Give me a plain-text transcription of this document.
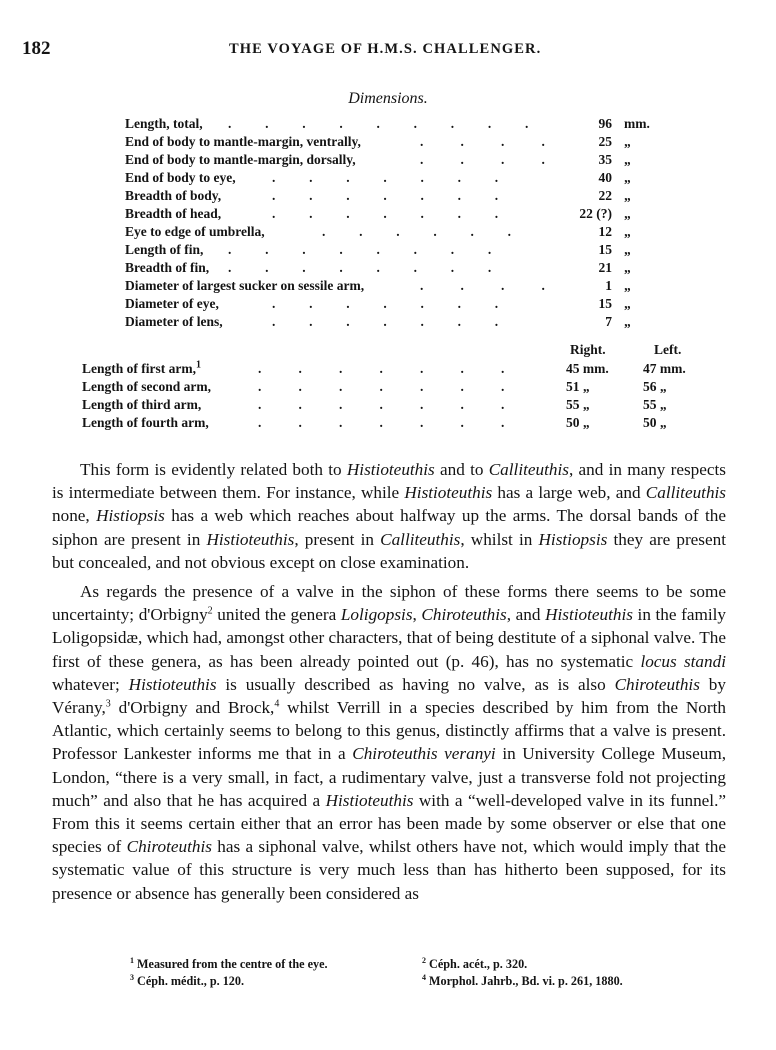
182	THE VOYAGE OF H.M.S. CHALLENGER.
Dimensions.
Length, total, .          .          .          .          .          .          .          .          .	96 mm.
End of body to mantle-margin, ventrally,	.           .           .           .	25 „
End of body to mantle-margin, dorsally,	.           .           .           .	35 „
End of body to eye,	.          .          .          .          .          .          .	40 „
Breadth of body,	.          .          .          .          .          .          .	22 „
Breadth of head,	.          .          .          .          .          .          .	22 (?) „
Eye to edge of umbrella,	.          .          .          .          .          .	12 „
Length of fin, .          .          .          .          .          .          .          .	15 „
Breadth of fin, .          .          .          .          .          .          .          .	21 „
Diameter of largest sucker on sessile arm,	.           .           .           .	1 „
Diameter of eye,	.          .          .          .          .          .          .	15 „
Diameter of lens,	.          .          .          .          .          .          .	7 „
Right.	Left.
Length of first arm,$^1$	.           .           .           .           .           .           .	45 mm.	47 mm.
Length of second arm,	.           .           .           .           .           .           .	51 „	56 „
Length of third arm,	.           .           .           .           .           .           .	55 „	55 „
Length of fourth arm,	.           .           .           .           .           .           .	50 „	50 „

This form is evidently related both to Histioteuthis and to Calliteuthis, and in many respects is intermediate between them. For instance, while Histioteuthis has a large web, and Calliteuthis none, Histiopsis has a web which reaches about halfway up the arms. The dorsal bands of the siphon are present in Histioteuthis, present in Calliteuthis, whilst in Histiopsis they are present but concealed, and not obvious except on close examination.

As regards the presence of a valve in the siphon of these forms there seems to be some uncertainty; d'Orbigny$^2$ united the genera Loligopsis, Chiroteuthis, and Histioteuthis in the family Loligopsidæ, which had, amongst other characters, that of being destitute of a siphonal valve. The first of these genera, as has been already pointed out (p. 46), has no systematic locus standi whatever; Histioteuthis is usually described as having no valve, as is also Chiroteuthis by Vérany,$^3$ d'Orbigny and Brock,$^4$ whilst Verrill in a species described by him from the North Atlantic, which certainly seems to belong to this genus, distinctly affirms that a valve is present. Professor Lankester informs me that in a Chiroteuthis veranyi in University College Museum, London, “there is a very small, in fact, a rudimentary valve, just a transverse fold not projecting much” and also that he has acquired a Histioteuthis with a “well-developed valve in its funnel.” From this it seems certain either that an error has been made by some observer or else that one species of Chiroteuthis has a siphonal valve, whilst others have not, which would imply that the systematic value of this structure is very much less than has hitherto been supposed, for its presence or absence has generally been considered as

$^1$ Measured from the centre of the eye.	$^2$ Céph. acét., p. 320.
$^3$ Céph. médit., p. 120.	$^4$ Morphol. Jahrb., Bd. vi. p. 261, 1880.
